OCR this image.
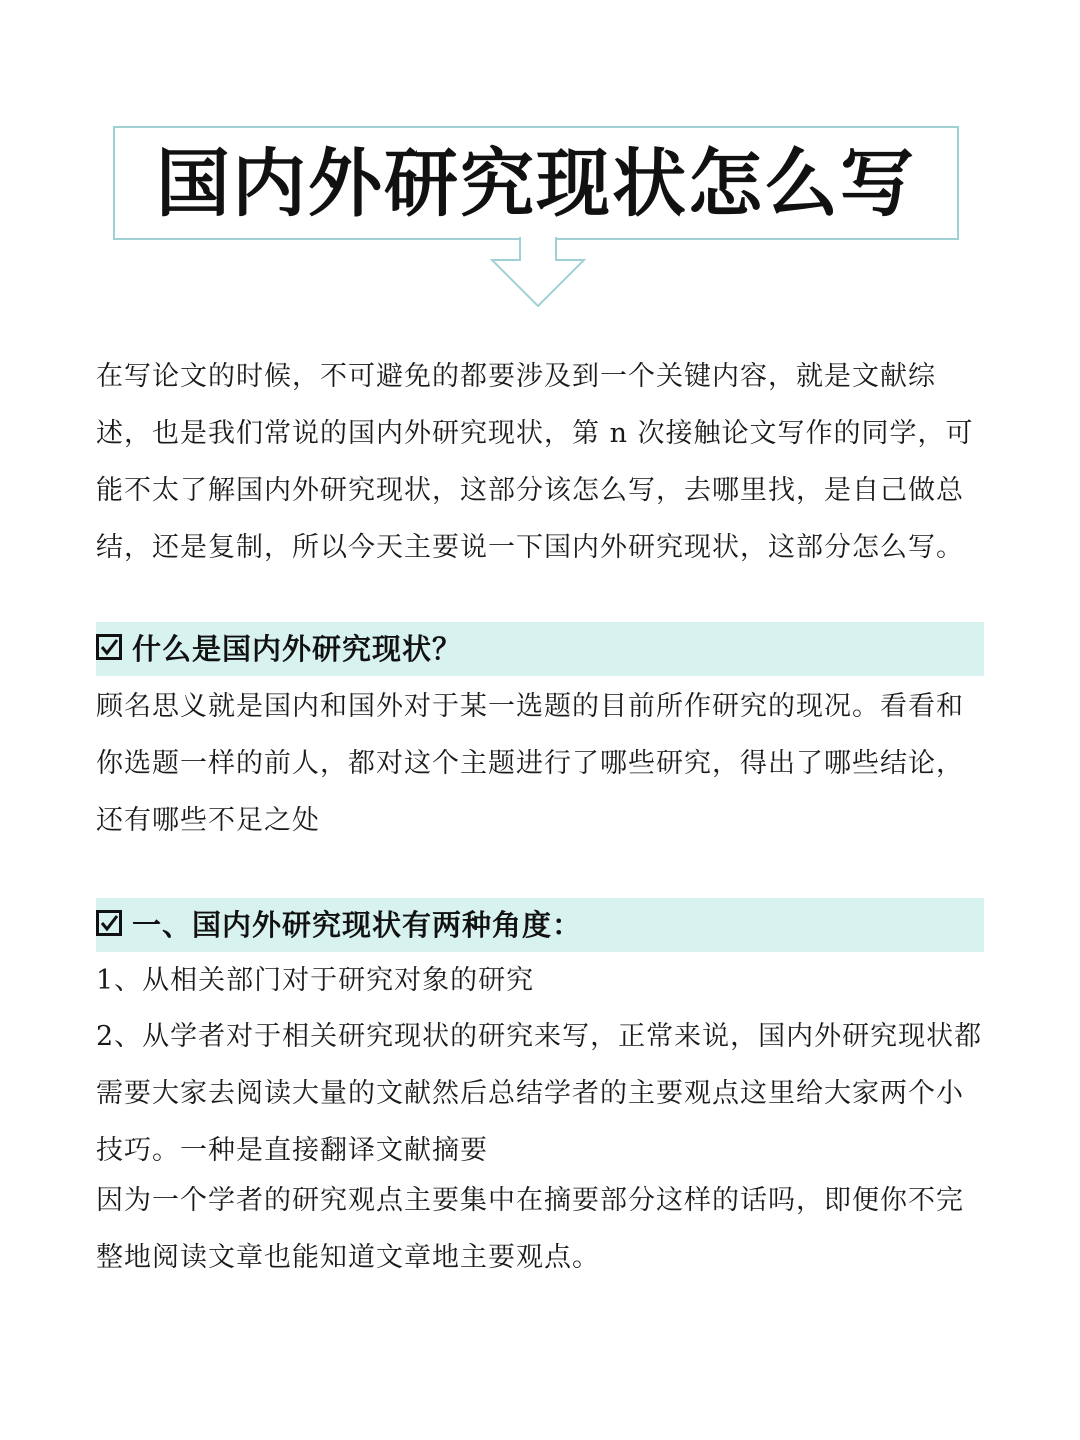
国内外研究现状怎么写

在写论文的时候，不可避免的都要涉及到一个关键内容，就是文献综述，也是我们常说的国内外研究现状，第 n 次接触论文写作的同学，可能不太了解国内外研究现状，这部分该怎么写，去哪里找，是自己做总结，还是复制，所以今天主要说一下国内外研究现状，这部分怎么写。

什么是国内外研究现状？

顾名思义就是国内和国外对于某一选题的目前所作研究的现况。看看和你选题一样的前人，都对这个主题进行了哪些研究，得出了哪些结论，还有哪些不足之处

一、国内外研究现状有两种角度：

1、从相关部门对于研究对象的研究

2、从学者对于相关研究现状的研究来写，正常来说，国内外研究现状都需要大家去阅读大量的文献然后总结学者的主要观点这里给大家两个小技巧。一种是直接翻译文献摘要

因为一个学者的研究观点主要集中在摘要部分这样的话吗，即便你不完整地阅读文章也能知道文章地主要观点。
